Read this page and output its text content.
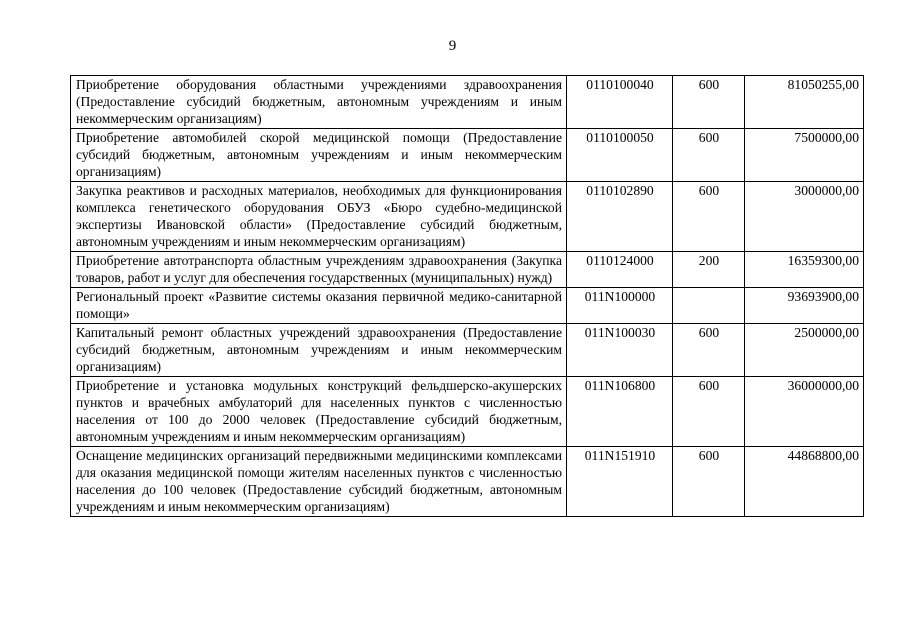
9
Приобретение оборудования областными учреждениями здравоохранения (Предоставление субсидий бюджетным, автономным учреждениям и иным некоммерческим организациям)	0110100040	600	81050255,00
Приобретение автомобилей скорой медицинской помощи (Предоставление субсидий бюджетным, автономным учреждениям и иным некоммерческим организациям)	0110100050	600	7500000,00
Закупка реактивов и расходных материалов, необходимых для функционирования комплекса генетического оборудования ОБУЗ «Бюро судебно-медицинской экспертизы Ивановской области» (Предоставление субсидий бюджетным, автономным учреждениям и иным некоммерческим организациям)	0110102890	600	3000000,00
Приобретение автотранспорта областным учреждениям здравоохранения (Закупка товаров, работ и услуг для обеспечения государственных (муниципальных) нужд)	0110124000	200	16359300,00
Региональный проект «Развитие системы оказания первичной медико-санитарной помощи»	011N100000		93693900,00
Капитальный ремонт областных учреждений здравоохранения (Предоставление субсидий бюджетным, автономным учреждениям и иным некоммерческим организациям)	011N100030	600	2500000,00
Приобретение и установка модульных конструкций фельдшерско-акушерских пунктов и врачебных амбулаторий для населенных пунктов с численностью населения от 100 до 2000 человек (Предоставление субсидий бюджетным, автономным учреждениям и иным некоммерческим организациям)	011N106800	600	36000000,00
Оснащение медицинских организаций передвижными медицинскими комплексами для оказания медицинской помощи жителям населенных пунктов с численностью населения до 100 человек (Предоставление субсидий бюджетным, автономным учреждениям и иным некоммерческим организациям)	011N151910	600	44868800,00
